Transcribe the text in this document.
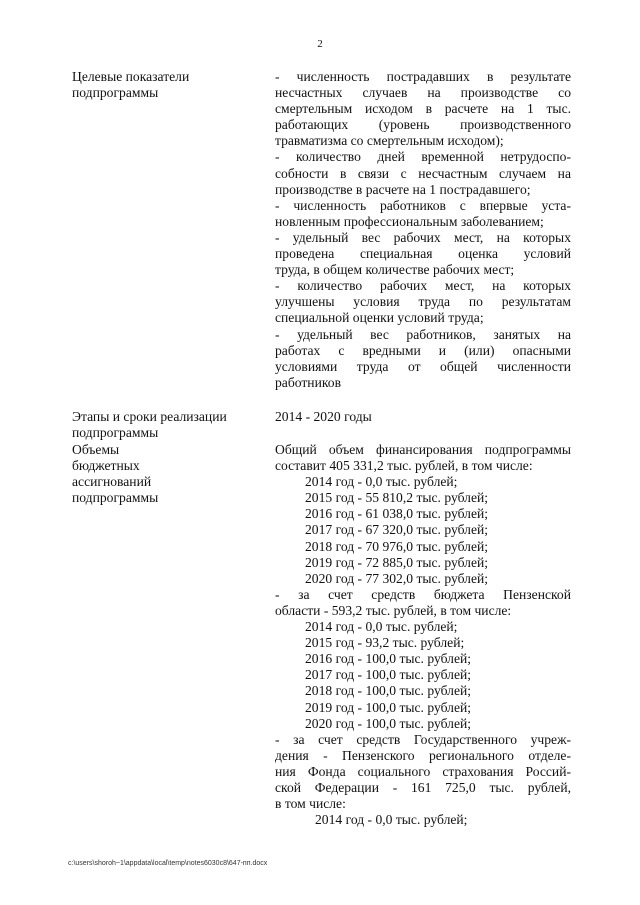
2

Целевые показатели

подпрограммы

- численность пострадавших в результате

несчастных случаев на производстве со

смертельным исходом в расчете на 1 тыс.

работающих (уровень производственного

травматизма со смертельным исходом);

- количество дней временной нетрудоспо-

собности в связи с несчастным случаем на

производстве в расчете на 1 пострадавшего;

- численность работников с впервые уста-

новленным профессиональным заболеванием;

- удельный вес рабочих мест, на которых

проведена специальная оценка условий

труда, в общем количестве рабочих мест;

- количество рабочих мест, на которых

улучшены условия труда по результатам

специальной оценки условий труда;

- удельный вес работников, занятых на

работах с вредными и (или) опасными

условиями труда от общей численности

работников

Этапы и сроки реализации

подпрограммы

2014 - 2020 годы

Объемы

бюджетных

ассигнований

подпрограммы

Общий объем финансирования подпрограммы

составит 405 331,2 тыс. рублей, в том числе:

2014 год - 0,0 тыс. рублей;

2015 год - 55 810,2 тыс. рублей;

2016 год - 61 038,0 тыс. рублей;

2017 год - 67 320,0 тыс. рублей;

2018 год - 70 976,0 тыс. рублей;

2019 год - 72 885,0 тыс. рублей;

2020 год - 77 302,0 тыс. рублей;

- за счет средств бюджета Пензенской

области - 593,2 тыс. рублей, в том числе:

2014 год - 0,0 тыс. рублей;

2015 год - 93,2 тыс. рублей;

2016 год - 100,0 тыс. рублей;

2017 год - 100,0 тыс. рублей;

2018 год - 100,0 тыс. рублей;

2019 год - 100,0 тыс. рублей;

2020 год - 100,0 тыс. рублей;

- за счет средств Государственного учреж-

дения - Пензенского регионального отделе-

ния Фонда социального страхования Россий-

ской Федерации - 161 725,0 тыс. рублей,

в том числе:

2014 год - 0,0 тыс. рублей;

c:\users\shoroh~1\appdata\local\temp\notes6030c8\647-пп.docx
